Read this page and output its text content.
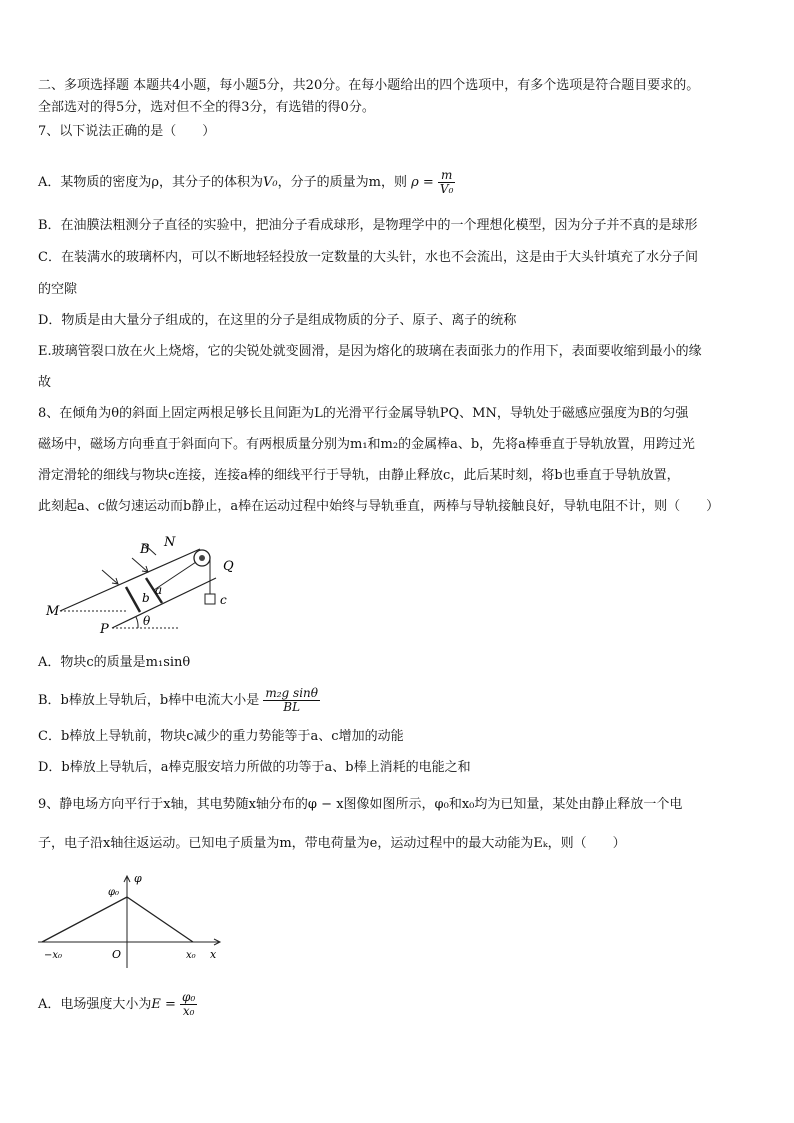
二、多项选择题 本题共4小题，每小题5分，共20分。在每小题给出的四个选项中，有多个选项是符合题目要求的。
全部选对的得5分，选对但不全的得3分，有选错的得0分。
7、以下说法正确的是（　　）
A．某物质的密度为ρ，其分子的体积为V₀，分子的质量为m，则 $\rho = \frac{m}{\text{V₀}}$
B．在油膜法粗测分子直径的实验中，把油分子看成球形，是物理学中的一个理想化模型，因为分子并不真的是球形
C．在装满水的玻璃杯内，可以不断地轻轻投放一定数量的大头针，水也不会流出，这是由于大头针填充了水分子间
的空隙
D．物质是由大量分子组成的，在这里的分子是组成物质的分子、原子、离子的统称
E.玻璃管裂口放在火上烧熔，它的尖锐处就变圆滑，是因为熔化的玻璃在表面张力的作用下，表面要收缩到最小的缘
故
8、在倾角为θ的斜面上固定两根足够长且间距为L的光滑平行金属导轨PQ、MN，导轨处于磁感应强度为B的匀强
磁场中，磁场方向垂直于斜面向下。有两根质量分别为m₁和m₂的金属棒a、b，先将a棒垂直于导轨放置，用跨过光
滑定滑轮的细线与物块c连接，连接a棒的细线平行于导轨，由静止释放c，此后某时刻，将b也垂直于导轨放置，
此刻起a、c做匀速运动而b静止，a棒在运动过程中始终与导轨垂直，两棒与导轨接触良好，导轨电阻不计，则（　　）
B N
Q
a
b	c
M
P
θ
A．物块c的质量是m₁sinθ
B．b棒放上导轨后，b棒中电流大小是 $\frac{\text{m₂g sinθ}}{BL}$
C．b棒放上导轨前，物块c减少的重力势能等于a、c增加的动能
D．b棒放上导轨后，a棒克服安培力所做的功等于a、b棒上消耗的电能之和
9、静电场方向平行于x轴，其电势随x轴分布的φ − x图像如图所示，φ₀和x₀均为已知量，某处由静止释放一个电
子，电子沿x轴往返运动。已知电子质量为m，带电荷量为e，运动过程中的最大动能为Eₖ，则（　　）
φ
φ₀
−x₀	O	x₀ x
A．电场强度大小为$E = \frac{\text{φ₀}}{\text{x₀}}$
